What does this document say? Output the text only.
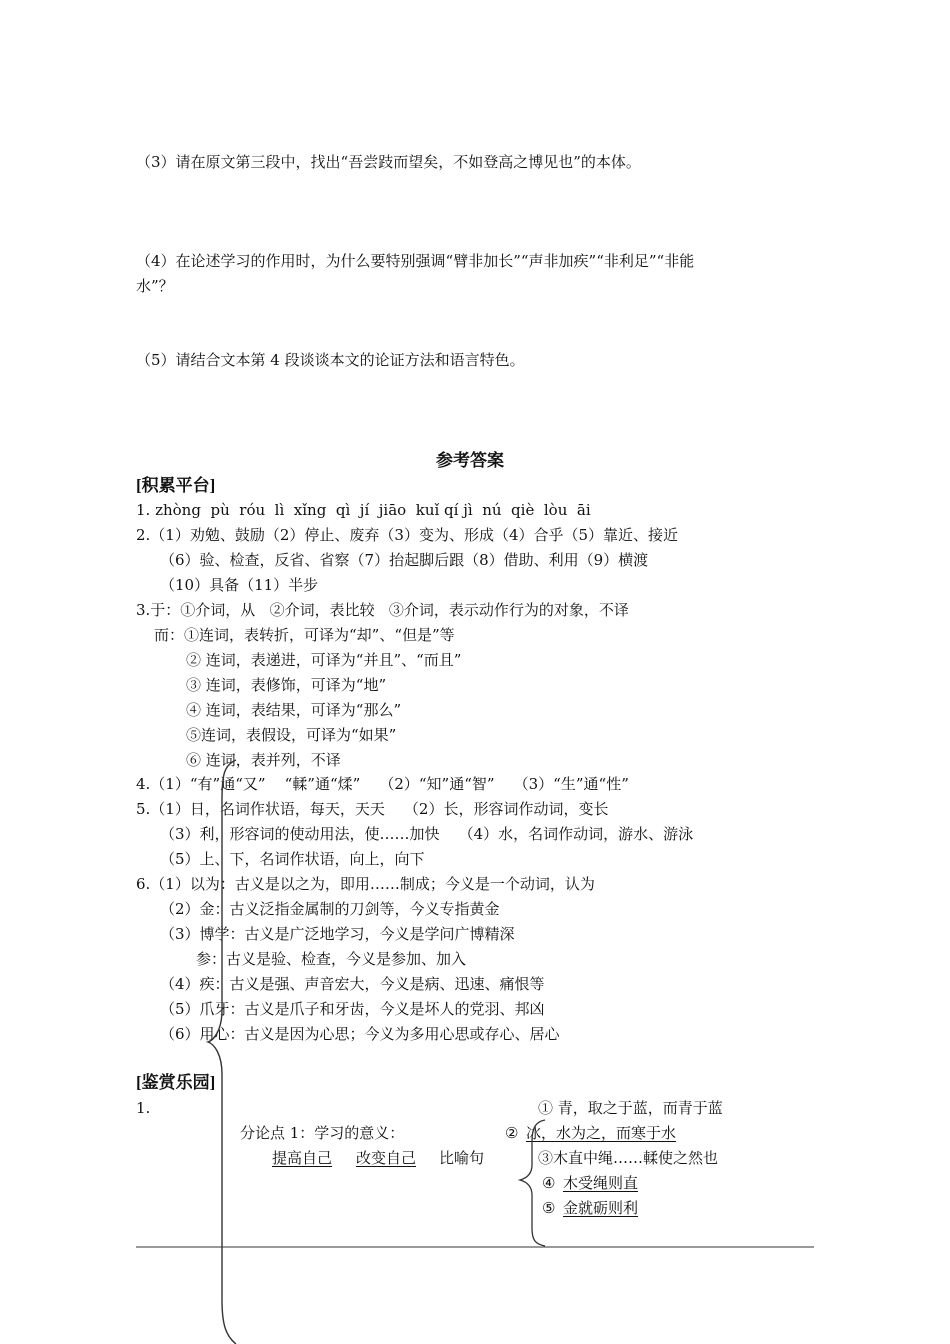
（3）请在原文第三段中，找出“吾尝跂而望矣，不如登高之博见也”的本体。
（4）在论述学习的作用时，为什么要特别强调“臂非加长”“声非加疾”“非利足”“非能
水”？
（5）请结合文本第 4 段谈谈本文的论证方法和语言特色。
参考答案
[积累平台]
1. zhòng  pù  róu  lì  xǐng  qì  jí  jiāo  kuǐ qí jì  nú  qiè  lòu  āi
2.（1）劝勉、鼓励（2）停止、废弃（3）变为、形成（4）合乎（5）靠近、接近
（6）验、检查，反省、省察（7）抬起脚后跟（8）借助、利用（9）横渡
（10）具备（11）半步
3.于：①介词，从   ②介词，表比较   ③介词，表示动作行为的对象，不译
而：①连词，表转折，可译为“却”、“但是”等
② 连词，表递进，可译为“并且”、“而且”
③ 连词，表修饰，可译为“地”
④ 连词，表结果，可译为“那么”
⑤连词，表假设，可译为“如果”
⑥ 连词，表并列，不译
4.（1）“有”通“又”    “輮”通“煣”    （2）“知”通“智”    （3）“生”通“性”
5.（1）日，名词作状语，每天，天天    （2）长，形容词作动词，变长
（3）利，形容词的使动用法，使……加快    （4）水，名词作动词，游水、游泳
（5）上、下，名词作状语，向上，向下
6.（1）以为：古义是以之为，即用……制成；今义是一个动词，认为
（2）金：古义泛指金属制的刀剑等，今义专指黄金
（3）博学：古义是广泛地学习，今义是学问广博精深
参：古义是验、检查，今义是参加、加入
（4）疾：古义是强、声音宏大，今义是病、迅速、痛恨等
（5）爪牙：古义是爪子和牙齿，今义是坏人的党羽、邦凶
（6）用心：古义是因为心思；今义为多用心思或存心、居心
[鉴赏乐园]
1.
分论点 1：学习的意义：
提高自己 改变自己 比喻句
① 青，取之于蓝，而青于蓝
② 冰，水为之，而寒于水
③木直中绳……輮使之然也
④ 木受绳则直
⑤ 金就砺则利
